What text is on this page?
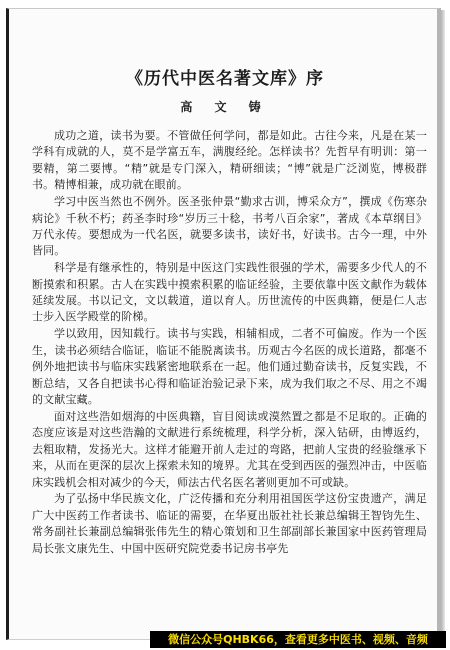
《历代中医名著文库》序
高 文 铸

成功之道，读书为要。不管做任何学问，都是如此。古往今来，凡是在某一学科有成就的人，莫不是学富五车，满腹经纶。怎样读书？先哲早有明训：第一要精，第二要博。“精”就是专门深入，精研细读；“博”就是广泛浏览，博极群书。精博相兼，成功就在眼前。

学习中医当然也不例外。医圣张仲景“勤求古训，博采众方”，撰成《伤寒杂病论》千秋不朽；药圣李时珍“岁历三十稔，书考八百余家”，著成《本草纲目》万代永传。要想成为一代名医，就要多读书，读好书，好读书。古今一理，中外皆同。

科学是有继承性的，特别是中医这门实践性很强的学术，需要多少代人的不断摸索和积累。古人在实践中摸索积累的临证经验，主要依靠中医文献作为载体延续发展。书以记文，文以载道，道以育人。历世流传的中医典籍，便是仁人志士步入医学殿堂的阶梯。

学以致用，因知载行。读书与实践，相辅相成，二者不可偏废。作为一个医生，读书必须结合临证，临证不能脱离读书。历观古今名医的成长道路，都毫不例外地把读书与临床实践紧密地联系在一起。他们通过勤奋读书，反复实践，不断总结，又各自把读书心得和临证治验记录下来，成为我们取之不尽、用之不竭的文献宝藏。

面对这些浩如烟海的中医典籍，盲目阅读或漠然置之都是不足取的。正确的态度应该是对这些浩瀚的文献进行系统梳理，科学分析，深入钻研，由博返约，去粗取精，发扬光大。这样才能避开前人走过的弯路，把前人宝贵的经验继承下来，从而在更深的层次上探索未知的境界。尤其在受到西医的强烈冲击，中医临床实践机会相对减少的今天，师法古代名医名著则更加不可或缺。

为了弘扬中华民族文化，广泛传播和充分利用祖国医学这份宝贵遗产，满足广大中医药工作者读书、临证的需要，在华夏出版社社长兼总编辑王智钧先生、常务副社长兼副总编辑张伟先生的精心策划和卫生部副部长兼国家中医药管理局局长张文康先生、中国中医研究院党委书记房书亭先

微信公众号QHBK66，查看更多中医书、视频、音频
